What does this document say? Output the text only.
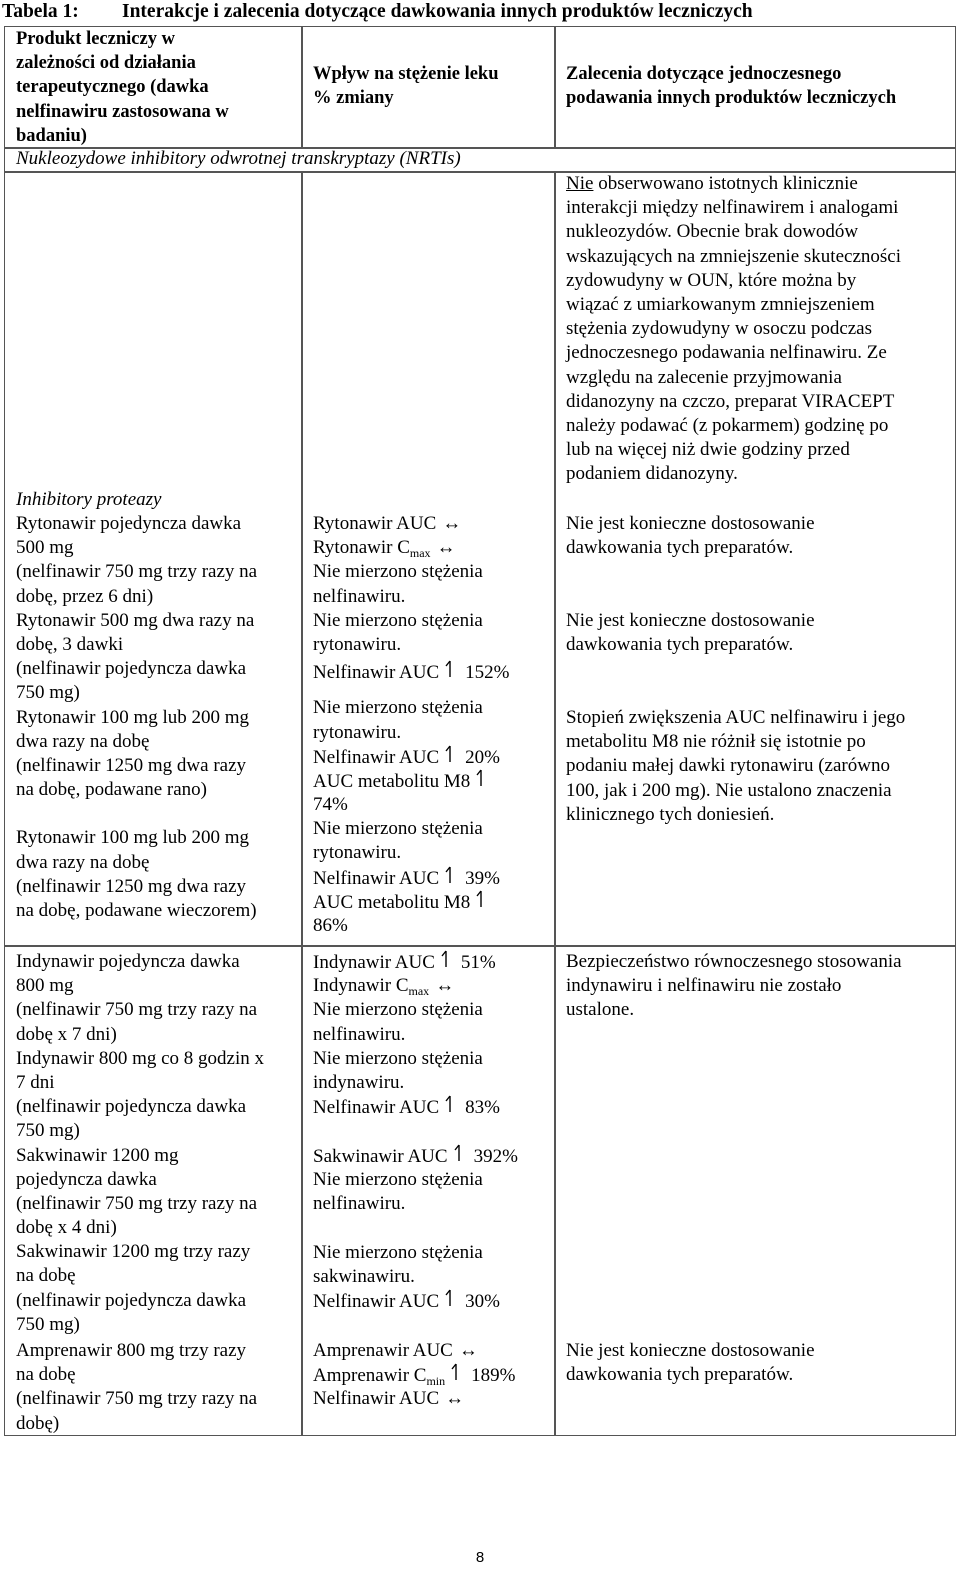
Tabela 1: Interakcje i zalecenia dotyczące dawkowania innych produktów leczniczych
Produkt leczniczy w
zależności od działania
terapeutycznego (dawka
nelfinawiru zastosowana w
badaniu)
Wpływ na stężenie leku
% zmiany
Zalecenia dotyczące jednoczesnego
podawania innych produktów leczniczych
Nukleozydowe inhibitory odwrotnej transkryptazy (NRTIs)
Nie obserwowano istotnych klinicznie
interakcji między nelfinawirem i analogami
nukleozydów. Obecnie brak dowodów
wskazujących na zmniejszenie skuteczności
zydowudyny w OUN, które można by
wiązać z umiarkowanym zmniejszeniem
stężenia zydowudyny w osoczu podczas
jednoczesnego podawania nelfinawiru. Ze
względu na zalecenie przyjmowania
didanozyny na czczo, preparat VIRACEPT
należy podawać (z pokarmem) godzinę po
lub na więcej niż dwie godziny przed
podaniem didanozyny.
Inhibitory proteazy
Rytonawir pojedyncza dawka
500 mg
(nelfinawir 750 mg trzy razy na
dobę, przez 6 dni)
Rytonawir 500 mg dwa razy na
dobę, 3 dawki
(nelfinawir pojedyncza dawka
750 mg)
Rytonawir 100 mg lub 200 mg
dwa razy na dobę
(nelfinawir 1250 mg dwa razy
na dobę, podawane rano)
Rytonawir 100 mg lub 200 mg
dwa razy na dobę
(nelfinawir 1250 mg dwa razy
na dobę, podawane wieczorem)
Rytonawir AUC ↔
Rytonawir $C_{max}$ ↔
Nie mierzono stężenia
nelfinawiru.
Nie mierzono stężenia
rytonawiru.
Nelfinawir AUC 152%
Nie mierzono stężenia
rytonawiru.
Nelfinawir AUC 20%
AUC metabolitu M8
74%
Nie mierzono stężenia
rytonawiru.
Nelfinawir AUC 39%
AUC metabolitu M8
86%
Nie jest konieczne dostosowanie
dawkowania tych preparatów.
Nie jest konieczne dostosowanie
dawkowania tych preparatów.
Stopień zwiększenia AUC nelfinawiru i jego
metabolitu M8 nie różnił się istotnie po
podaniu małej dawki rytonawiru (zarówno
100, jak i 200 mg). Nie ustalono znaczenia
klinicznego tych doniesień.
Indynawir pojedyncza dawka
800 mg
(nelfinawir 750 mg trzy razy na
dobę x 7 dni)
Indynawir 800 mg co 8 godzin x
7 dni
(nelfinawir pojedyncza dawka
750 mg)
Sakwinawir 1200 mg
pojedyncza dawka
(nelfinawir 750 mg trzy razy na
dobę x 4 dni)
Sakwinawir 1200 mg trzy razy
na dobę
(nelfinawir pojedyncza dawka
750 mg)
Indynawir AUC 51%
Indynawir $C_{max}$ ↔
Nie mierzono stężenia
nelfinawiru.
Nie mierzono stężenia
indynawiru.
Nelfinawir AUC 83%
Sakwinawir AUC 392%
Nie mierzono stężenia
nelfinawiru.
Nie mierzono stężenia
sakwinawiru.
Nelfinawir AUC 30%
Bezpieczeństwo równoczesnego stosowania
indynawiru i nelfinawiru nie zostało
ustalone.
Amprenawir 800 mg trzy razy
na dobę
(nelfinawir 750 mg trzy razy na
dobę)
Amprenawir AUC ↔
Amprenawir $C_{min}$ 189%
Nelfinawir AUC ↔
Nie jest konieczne dostosowanie
dawkowania tych preparatów.
8
